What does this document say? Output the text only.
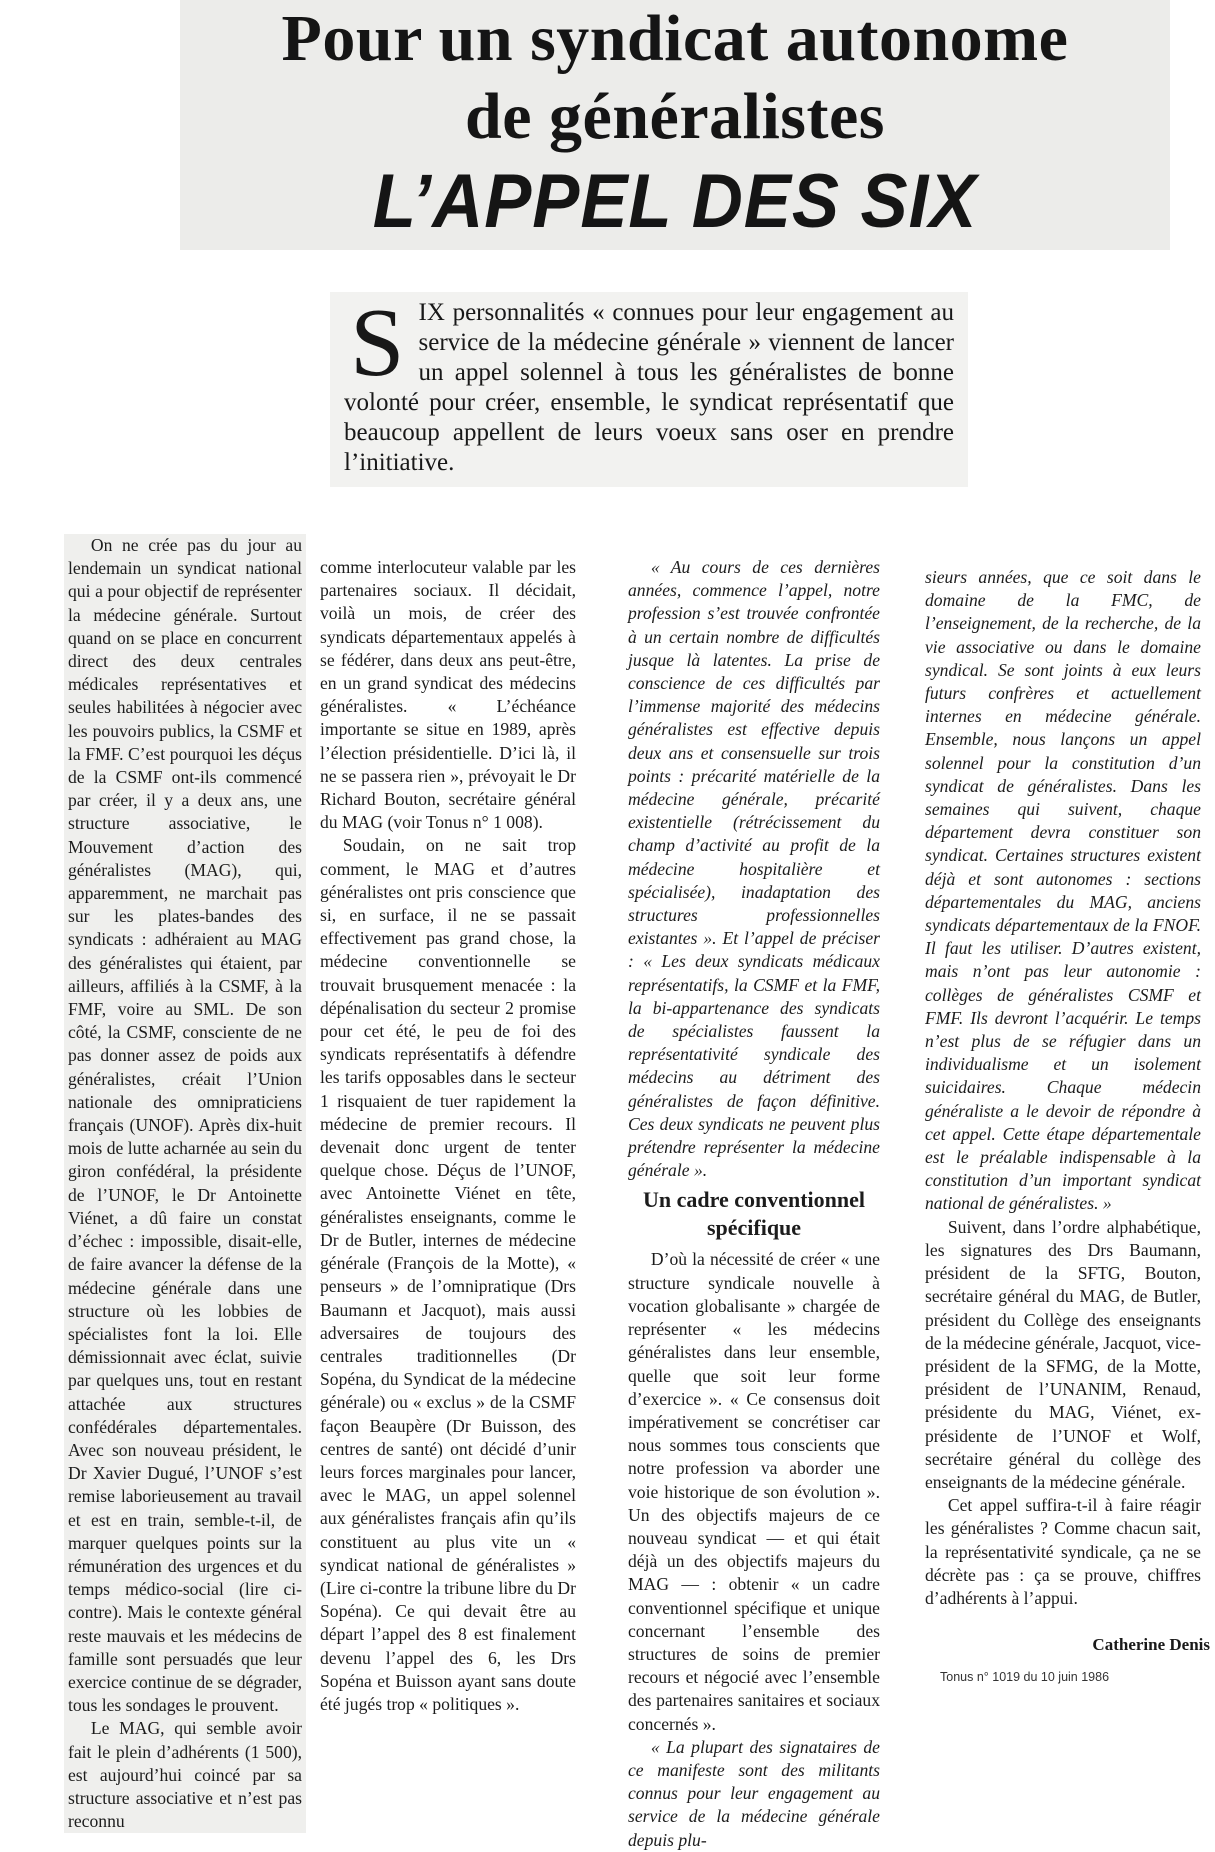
Pour un syndicat autonome
de généralistes
L’APPEL DES SIX
SIX personnalités « connues pour leur engagement au service de la médecine générale » viennent de lancer un appel solennel à tous les généralistes de bonne volonté pour créer, ensemble, le syndicat représentatif que beaucoup appellent de leurs voeux sans oser en prendre l’initiative.

On ne crée pas du jour au lendemain un syndicat national qui a pour objectif de représenter la médecine générale. Surtout quand on se place en concurrent direct des deux centrales médicales représentatives et seules habilitées à négocier avec les pouvoirs publics, la CSMF et la FMF. C’est pourquoi les déçus de la CSMF ont-ils commencé par créer, il y a deux ans, une structure associative, le Mouvement d’action des généralistes (MAG), qui, apparemment, ne marchait pas sur les plates-bandes des syndicats : adhéraient au MAG des généralistes qui étaient, par ailleurs, affiliés à la CSMF, à la FMF, voire au SML. De son côté, la CSMF, consciente de ne pas donner assez de poids aux généralistes, créait l’Union nationale des omnipraticiens français (UNOF). Après dix-huit mois de lutte acharnée au sein du giron confédéral, la présidente de l’UNOF, le Dr Antoinette Viénet, a dû faire un constat d’échec : impossible, disait-elle, de faire avancer la défense de la médecine générale dans une structure où les lobbies de spécialistes font la loi. Elle démissionnait avec éclat, suivie par quelques uns, tout en restant attachée aux structures confédérales départementales. Avec son nouveau président, le Dr Xavier Dugué, l’UNOF s’est remise laborieusement au travail et est en train, semble-t-il, de marquer quelques points sur la rémunération des urgences et du temps médico-social (lire ci-contre). Mais le contexte général reste mauvais et les médecins de famille sont persuadés que leur exercice continue de se dégrader, tous les sondages le prouvent.

Le MAG, qui semble avoir fait le plein d’adhérents (1 500), est aujourd’hui coincé par sa structure associative et n’est pas reconnu

comme interlocuteur valable par les partenaires sociaux. Il décidait, voilà un mois, de créer des syndicats départementaux appelés à se fédérer, dans deux ans peut-être, en un grand syndicat des médecins généralistes. « L’échéance importante se situe en 1989, après l’élection présidentielle. D’ici là, il ne se passera rien », prévoyait le Dr Richard Bouton, secrétaire général du MAG (voir Tonus n° 1 008).

Soudain, on ne sait trop comment, le MAG et d’autres généralistes ont pris conscience que si, en surface, il ne se passait effectivement pas grand chose, la médecine conventionnelle se trouvait brusquement menacée : la dépénalisation du secteur 2 promise pour cet été, le peu de foi des syndicats représentatifs à défendre les tarifs opposables dans le secteur 1 risquaient de tuer rapidement la médecine de premier recours. Il devenait donc urgent de tenter quelque chose. Déçus de l’UNOF, avec Antoinette Viénet en tête, généralistes enseignants, comme le Dr de Butler, internes de médecine générale (François de la Motte), « penseurs » de l’omnipratique (Drs Baumann et Jacquot), mais aussi adversaires de toujours des centrales traditionnelles (Dr Sopéna, du Syndicat de la médecine générale) ou « exclus » de la CSMF façon Beaupère (Dr Buisson, des centres de santé) ont décidé d’unir leurs forces marginales pour lancer, avec le MAG, un appel solennel aux généralistes français afin qu’ils constituent au plus vite un « syndicat national de généralistes » (Lire ci-contre la tribune libre du Dr Sopéna). Ce qui devait être au départ l’appel des 8 est finalement devenu l’appel des 6, les Drs Sopéna et Buisson ayant sans doute été jugés trop « politiques ».

« Au cours de ces dernières années, commence l’appel, notre profession s’est trouvée confrontée à un certain nombre de difficultés jusque là latentes. La prise de conscience de ces difficultés par l’immense majorité des médecins généralistes est effective depuis deux ans et consensuelle sur trois points : précarité matérielle de la médecine générale, précarité existentielle (rétrécissement du champ d’activité au profit de la médecine hospitalière et spécialisée), inadaptation des structures professionnelles existantes ». Et l’appel de préciser : « Les deux syndicats médicaux représentatifs, la CSMF et la FMF, la bi-appartenance des syndicats de spécialistes faussent la représentativité syndicale des médecins au détriment des généralistes de façon définitive. Ces deux syndicats ne peuvent plus prétendre représenter la médecine générale ».

Un cadre conventionnel spécifique

D’où la nécessité de créer « une structure syndicale nouvelle à vocation globalisante » chargée de représenter « les médecins généralistes dans leur ensemble, quelle que soit leur forme d’exercice ». « Ce consensus doit impérativement se concrétiser car nous sommes tous conscients que notre profession va aborder une voie historique de son évolution ». Un des objectifs majeurs de ce nouveau syndicat — et qui était déjà un des objectifs majeurs du MAG — : obtenir « un cadre conventionnel spécifique et unique concernant l’ensemble des structures de soins de premier recours et négocié avec l’ensemble des partenaires sanitaires et sociaux concernés ».

« La plupart des signataires de ce manifeste sont des militants connus pour leur engagement au service de la médecine générale depuis plu-

sieurs années, que ce soit dans le domaine de la FMC, de l’enseignement, de la recherche, de la vie associative ou dans le domaine syndical. Se sont joints à eux leurs futurs confrères et actuellement internes en médecine générale. Ensemble, nous lançons un appel solennel pour la constitution d’un syndicat de généralistes. Dans les semaines qui suivent, chaque département devra constituer son syndicat. Certaines structures existent déjà et sont autonomes : sections départementales du MAG, anciens syndicats départementaux de la FNOF. Il faut les utiliser. D’autres existent, mais n’ont pas leur autonomie : collèges de généralistes CSMF et FMF. Ils devront l’acquérir. Le temps n’est plus de se réfugier dans un individualisme et un isolement suicidaires. Chaque médecin généraliste a le devoir de répondre à cet appel. Cette étape départementale est le préalable indispensable à la constitution d’un important syndicat national de généralistes. »

Suivent, dans l’ordre alphabétique, les signatures des Drs Baumann, président de la SFTG, Bouton, secrétaire général du MAG, de Butler, président du Collège des enseignants de la médecine générale, Jacquot, vice-président de la SFMG, de la Motte, président de l’UNANIM, Renaud, présidente du MAG, Viénet, ex-présidente de l’UNOF et Wolf, secrétaire général du collège des enseignants de la médecine générale.

Cet appel suffira-t-il à faire réagir les généralistes ? Comme chacun sait, la représentativité syndicale, ça ne se décrète pas : ça se prouve, chiffres d’adhérents à l’appui.

Catherine Denis
Tonus n° 1019 du 10 juin 1986
